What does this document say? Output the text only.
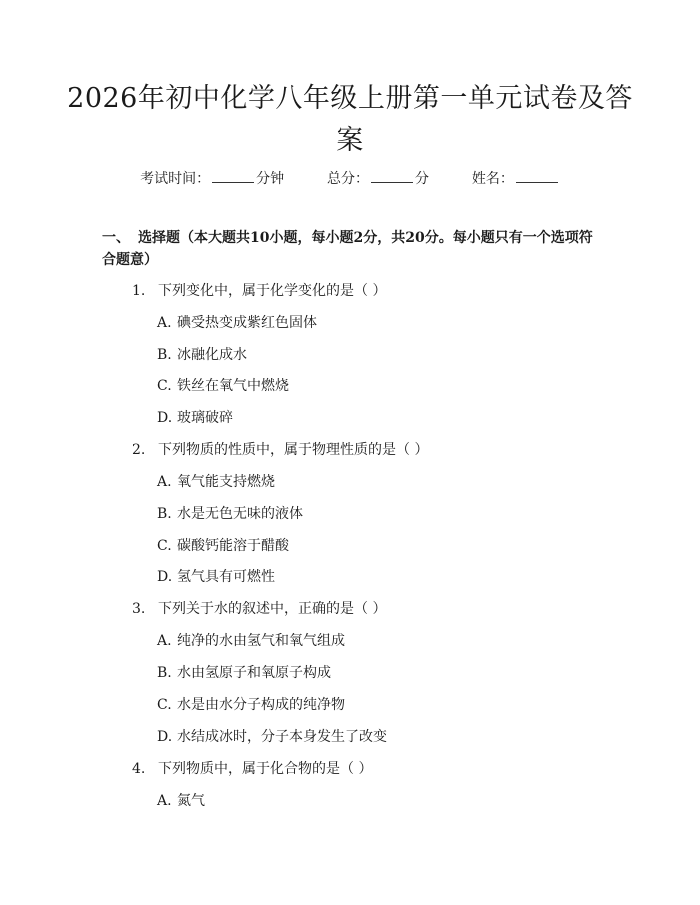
2026年初中化学八年级上册第一单元试卷及答案
考试时间：	分钟	总分：	分	姓名：
一、 选择题（本大题共10小题，每小题2分，共20分。每小题只有一个选项符合题意）
1. 下列变化中，属于化学变化的是（ ）
A. 碘受热变成紫红色固体
B. 冰融化成水
C. 铁丝在氧气中燃烧
D. 玻璃破碎
2. 下列物质的性质中，属于物理性质的是（ ）
A. 氧气能支持燃烧
B. 水是无色无味的液体
C. 碳酸钙能溶于醋酸
D. 氢气具有可燃性
3. 下列关于水的叙述中，正确的是（ ）
A. 纯净的水由氢气和氧气组成
B. 水由氢原子和氧原子构成
C. 水是由水分子构成的纯净物
D. 水结成冰时，分子本身发生了改变
4. 下列物质中，属于化合物的是（ ）
A. 氮气
